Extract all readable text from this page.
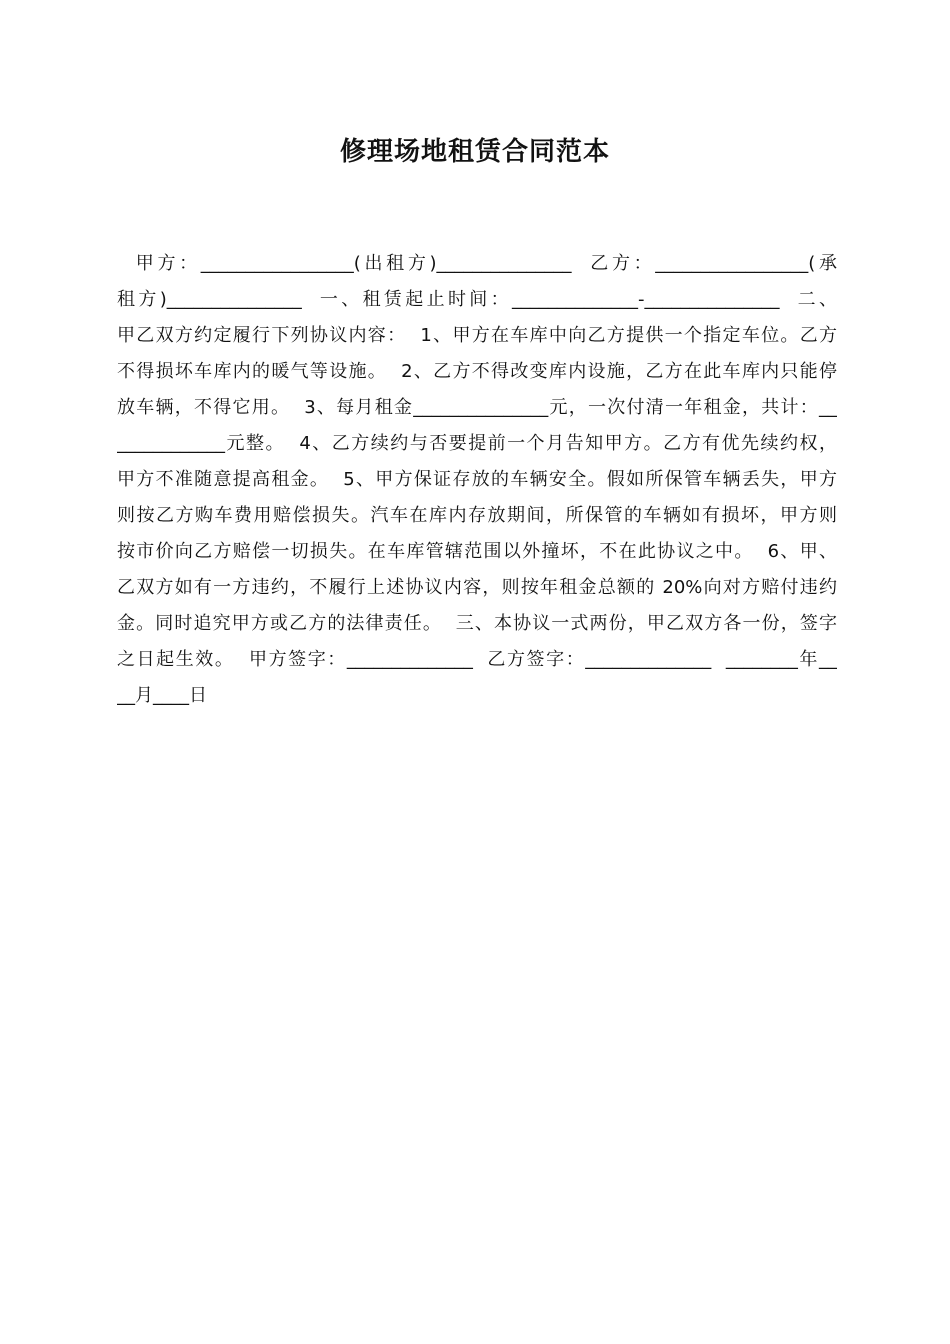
修理场地租赁合同范本
甲方：_________________(出租方)_______________  乙方：_________________(承
租方)_______________  一、租赁起止时间：______________-_______________  二、
甲乙双方约定履行下列协议内容：  1、甲方在车库中向乙方提供一个指定车位。乙方
不得损坏车库内的暖气等设施。  2、乙方不得改变库内设施，乙方在此车库内只能停
放车辆，不得它用。  3、每月租金_______________元，一次付清一年租金，共计：__
____________元整。  4、乙方续约与否要提前一个月告知甲方。乙方有优先续约权，
甲方不准随意提高租金。  5、甲方保证存放的车辆安全。假如所保管车辆丢失，甲方
则按乙方购车费用赔偿损失。汽车在库内存放期间，所保管的车辆如有损坏，甲方则
按市价向乙方赔偿一切损失。在车库管辖范围以外撞坏，不在此协议之中。  6、甲、
乙双方如有一方违约，不履行上述协议内容，则按年租金总额的 20%向对方赔付违约
金。同时追究甲方或乙方的法律责任。  三、本协议一式两份，甲乙双方各一份，签字
之日起生效。  甲方签字：______________  乙方签字：______________  ________年__
__月____日
